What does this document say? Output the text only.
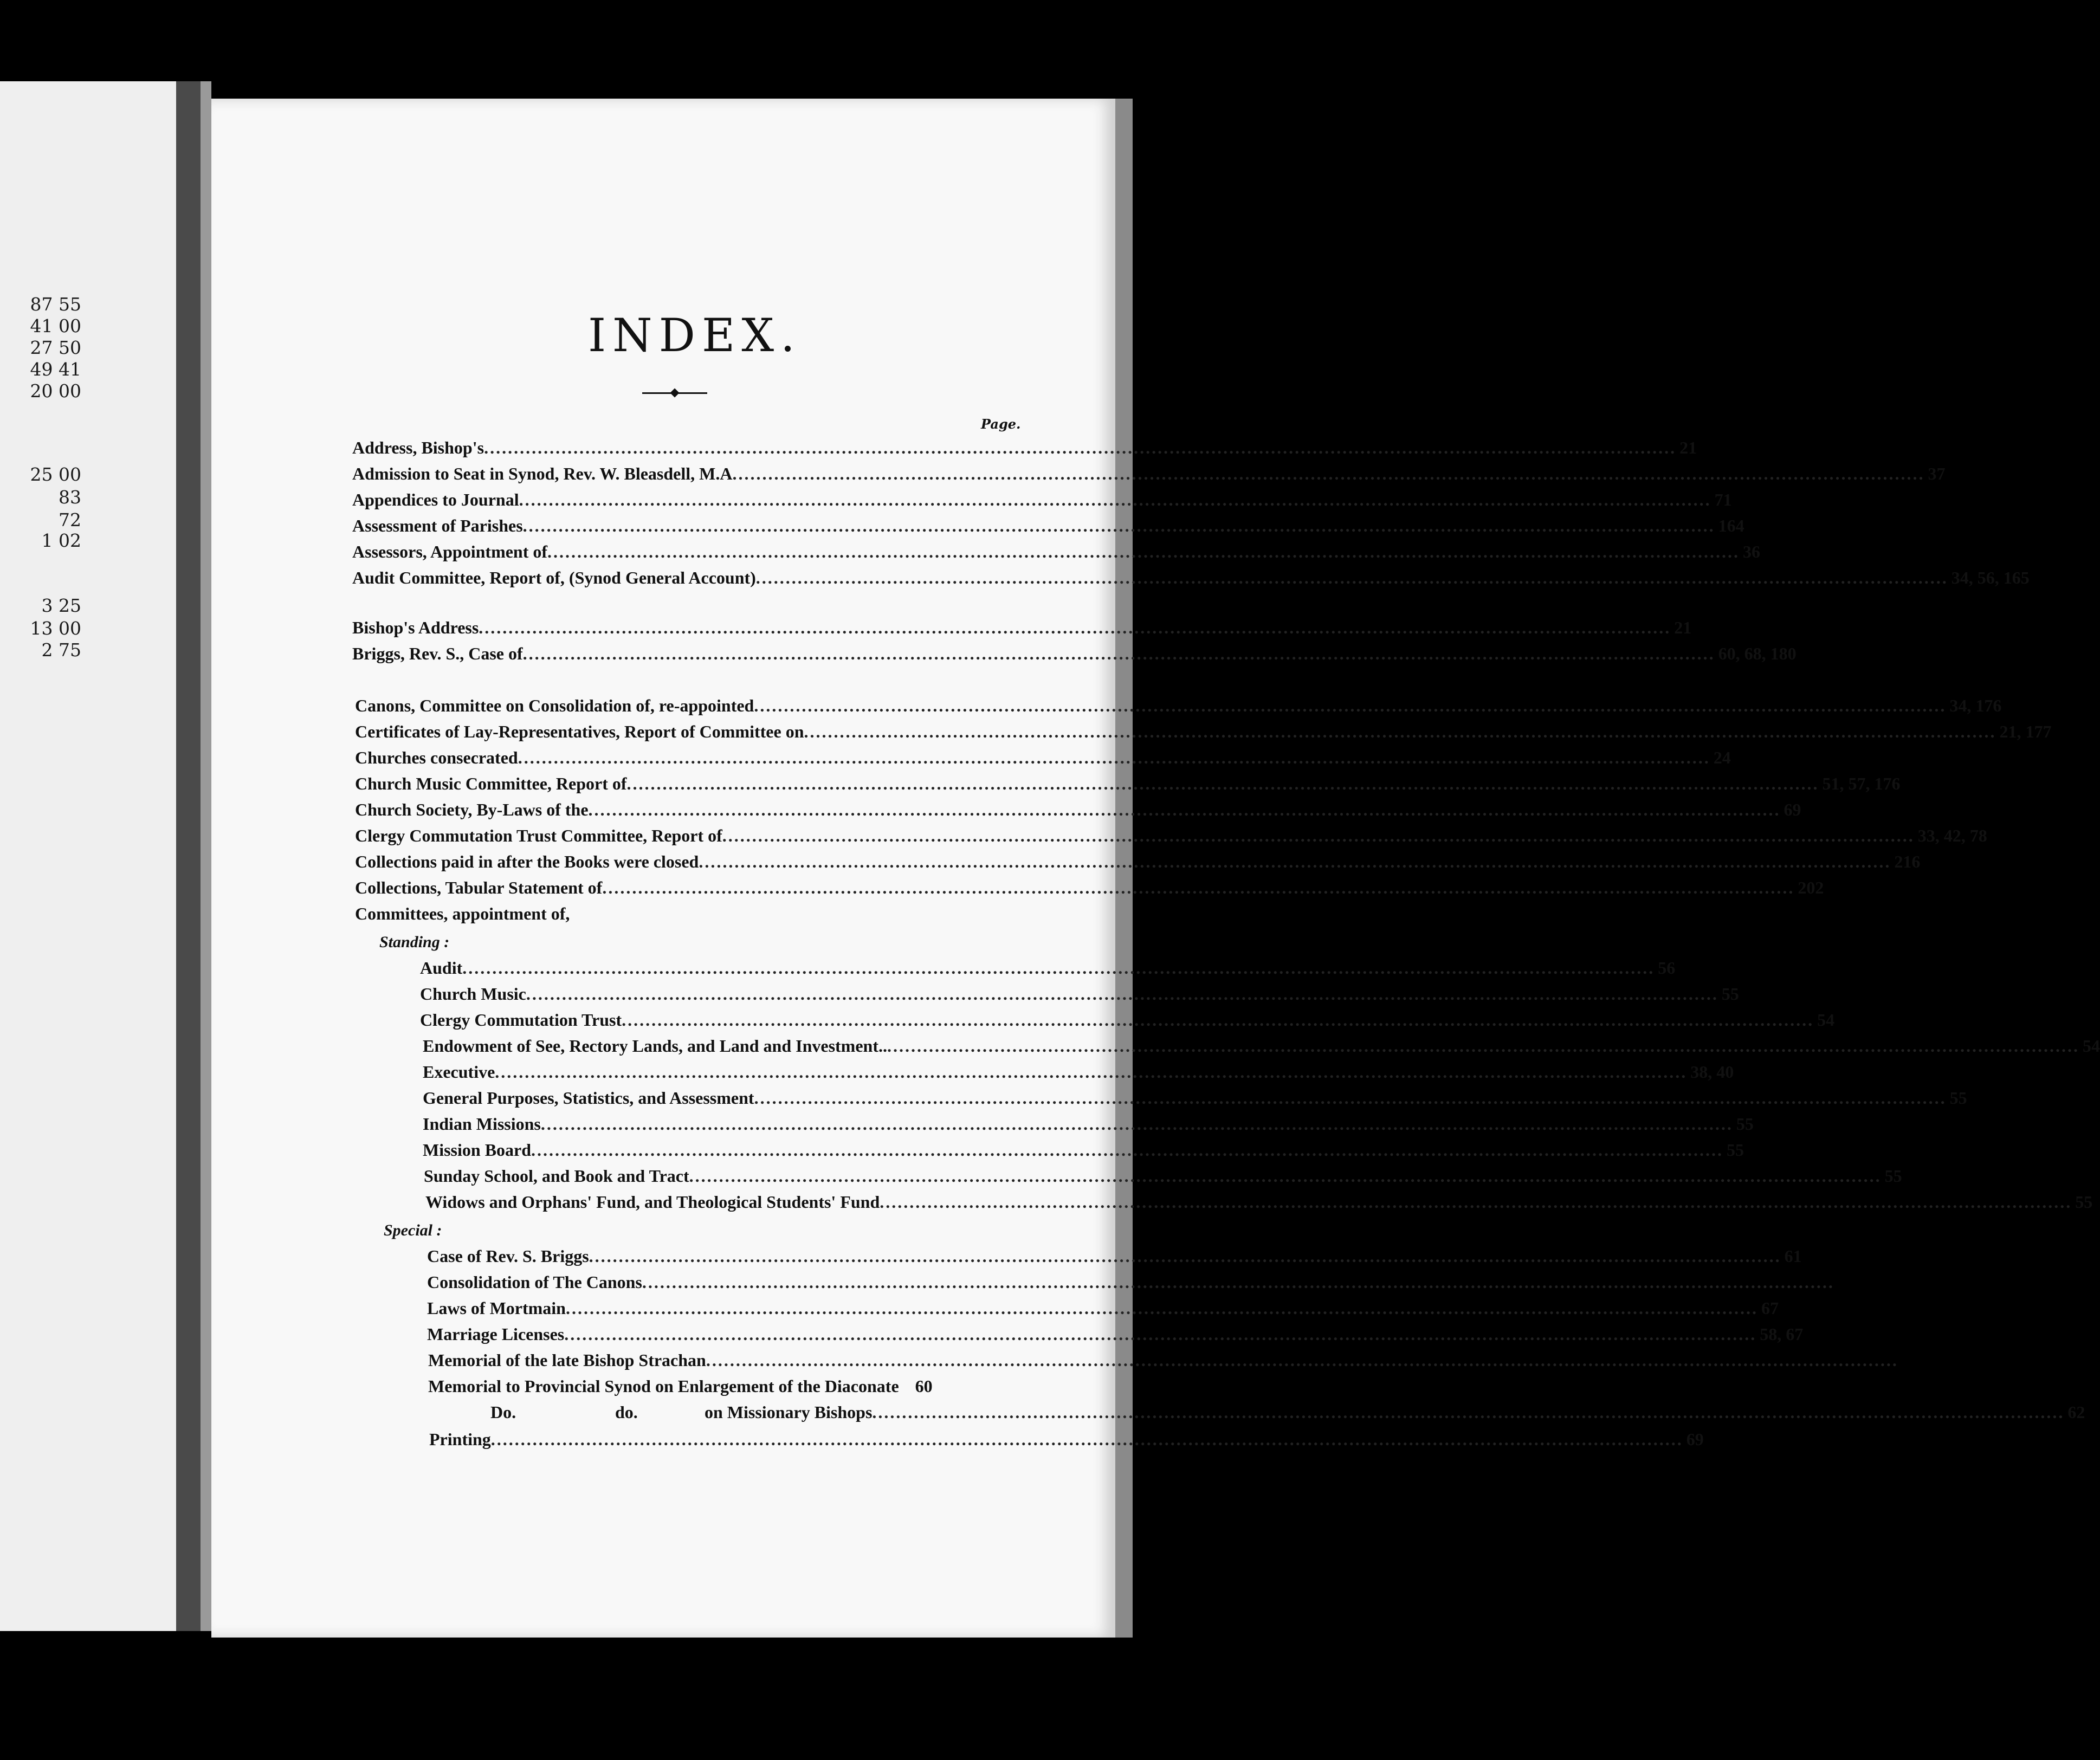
87 55
41 00
27 50
49 41
20 00
25 00
83
72
1 02
3 25
13 00
2 75
INDEX.
Page.
Address, Bishop's ........................................................................................................................................................................................................ 21
Admission to Seat in Synod, Rev. W. Bleasdell, M.A ........................................................................................................................................................................................................ 37
Appendices to Journal ........................................................................................................................................................................................................ 71
Assessment of Parishes ........................................................................................................................................................................................................ 164
Assessors, Appointment of ........................................................................................................................................................................................................ 36
Audit Committee, Report of, (Synod General Account) ........................................................................................................................................................................................................ 34, 56, 165
Bishop's Address ........................................................................................................................................................................................................ 21
Briggs, Rev. S., Case of ........................................................................................................................................................................................................ 60, 68, 180
Canons, Committee on Consolidation of, re-appointed ........................................................................................................................................................................................................ 34, 176
Certificates of Lay-Representatives, Report of Committee on ........................................................................................................................................................................................................ 21, 177
Churches consecrated ........................................................................................................................................................................................................ 24
Church Music Committee, Report of ........................................................................................................................................................................................................ 51, 57, 176
Church Society, By-Laws of the ........................................................................................................................................................................................................ 69
Clergy Commutation Trust Committee, Report of ........................................................................................................................................................................................................ 33, 42, 78
Collections paid in after the Books were closed ........................................................................................................................................................................................................ 216
Collections, Tabular Statement of ........................................................................................................................................................................................................ 202
Committees, appointment of,
Standing :
Audit ........................................................................................................................................................................................................ 56
Church Music ........................................................................................................................................................................................................ 55
Clergy Commutation Trust ........................................................................................................................................................................................................ 54
Endowment of See, Rectory Lands, and Land and Investment.. ........................................................................................................................................................................................................ 54
Executive ........................................................................................................................................................................................................ 38, 40
General Purposes, Statistics, and Assessment ........................................................................................................................................................................................................ 55
Indian Missions ........................................................................................................................................................................................................ 55
Mission Board ........................................................................................................................................................................................................ 55
Sunday School, and Book and Tract ........................................................................................................................................................................................................ 55
Widows and Orphans' Fund, and Theological Students' Fund ........................................................................................................................................................................................................ 55
Special :
Case of Rev. S. Briggs ........................................................................................................................................................................................................ 61
Consolidation of The Canons ........................................................................................................................................................................................................
Laws of Mortmain ........................................................................................................................................................................................................ 67
Marriage Licenses ........................................................................................................................................................................................................ 58, 67
Memorial of the late Bishop Strachan ........................................................................................................................................................................................................
Memorial to Provincial Synod on Enlargement of the Diaconate 60
Do.	do.	on Missionary Bishops ........................................................................................................................................................................................................ 62
Printing ........................................................................................................................................................................................................ 69
